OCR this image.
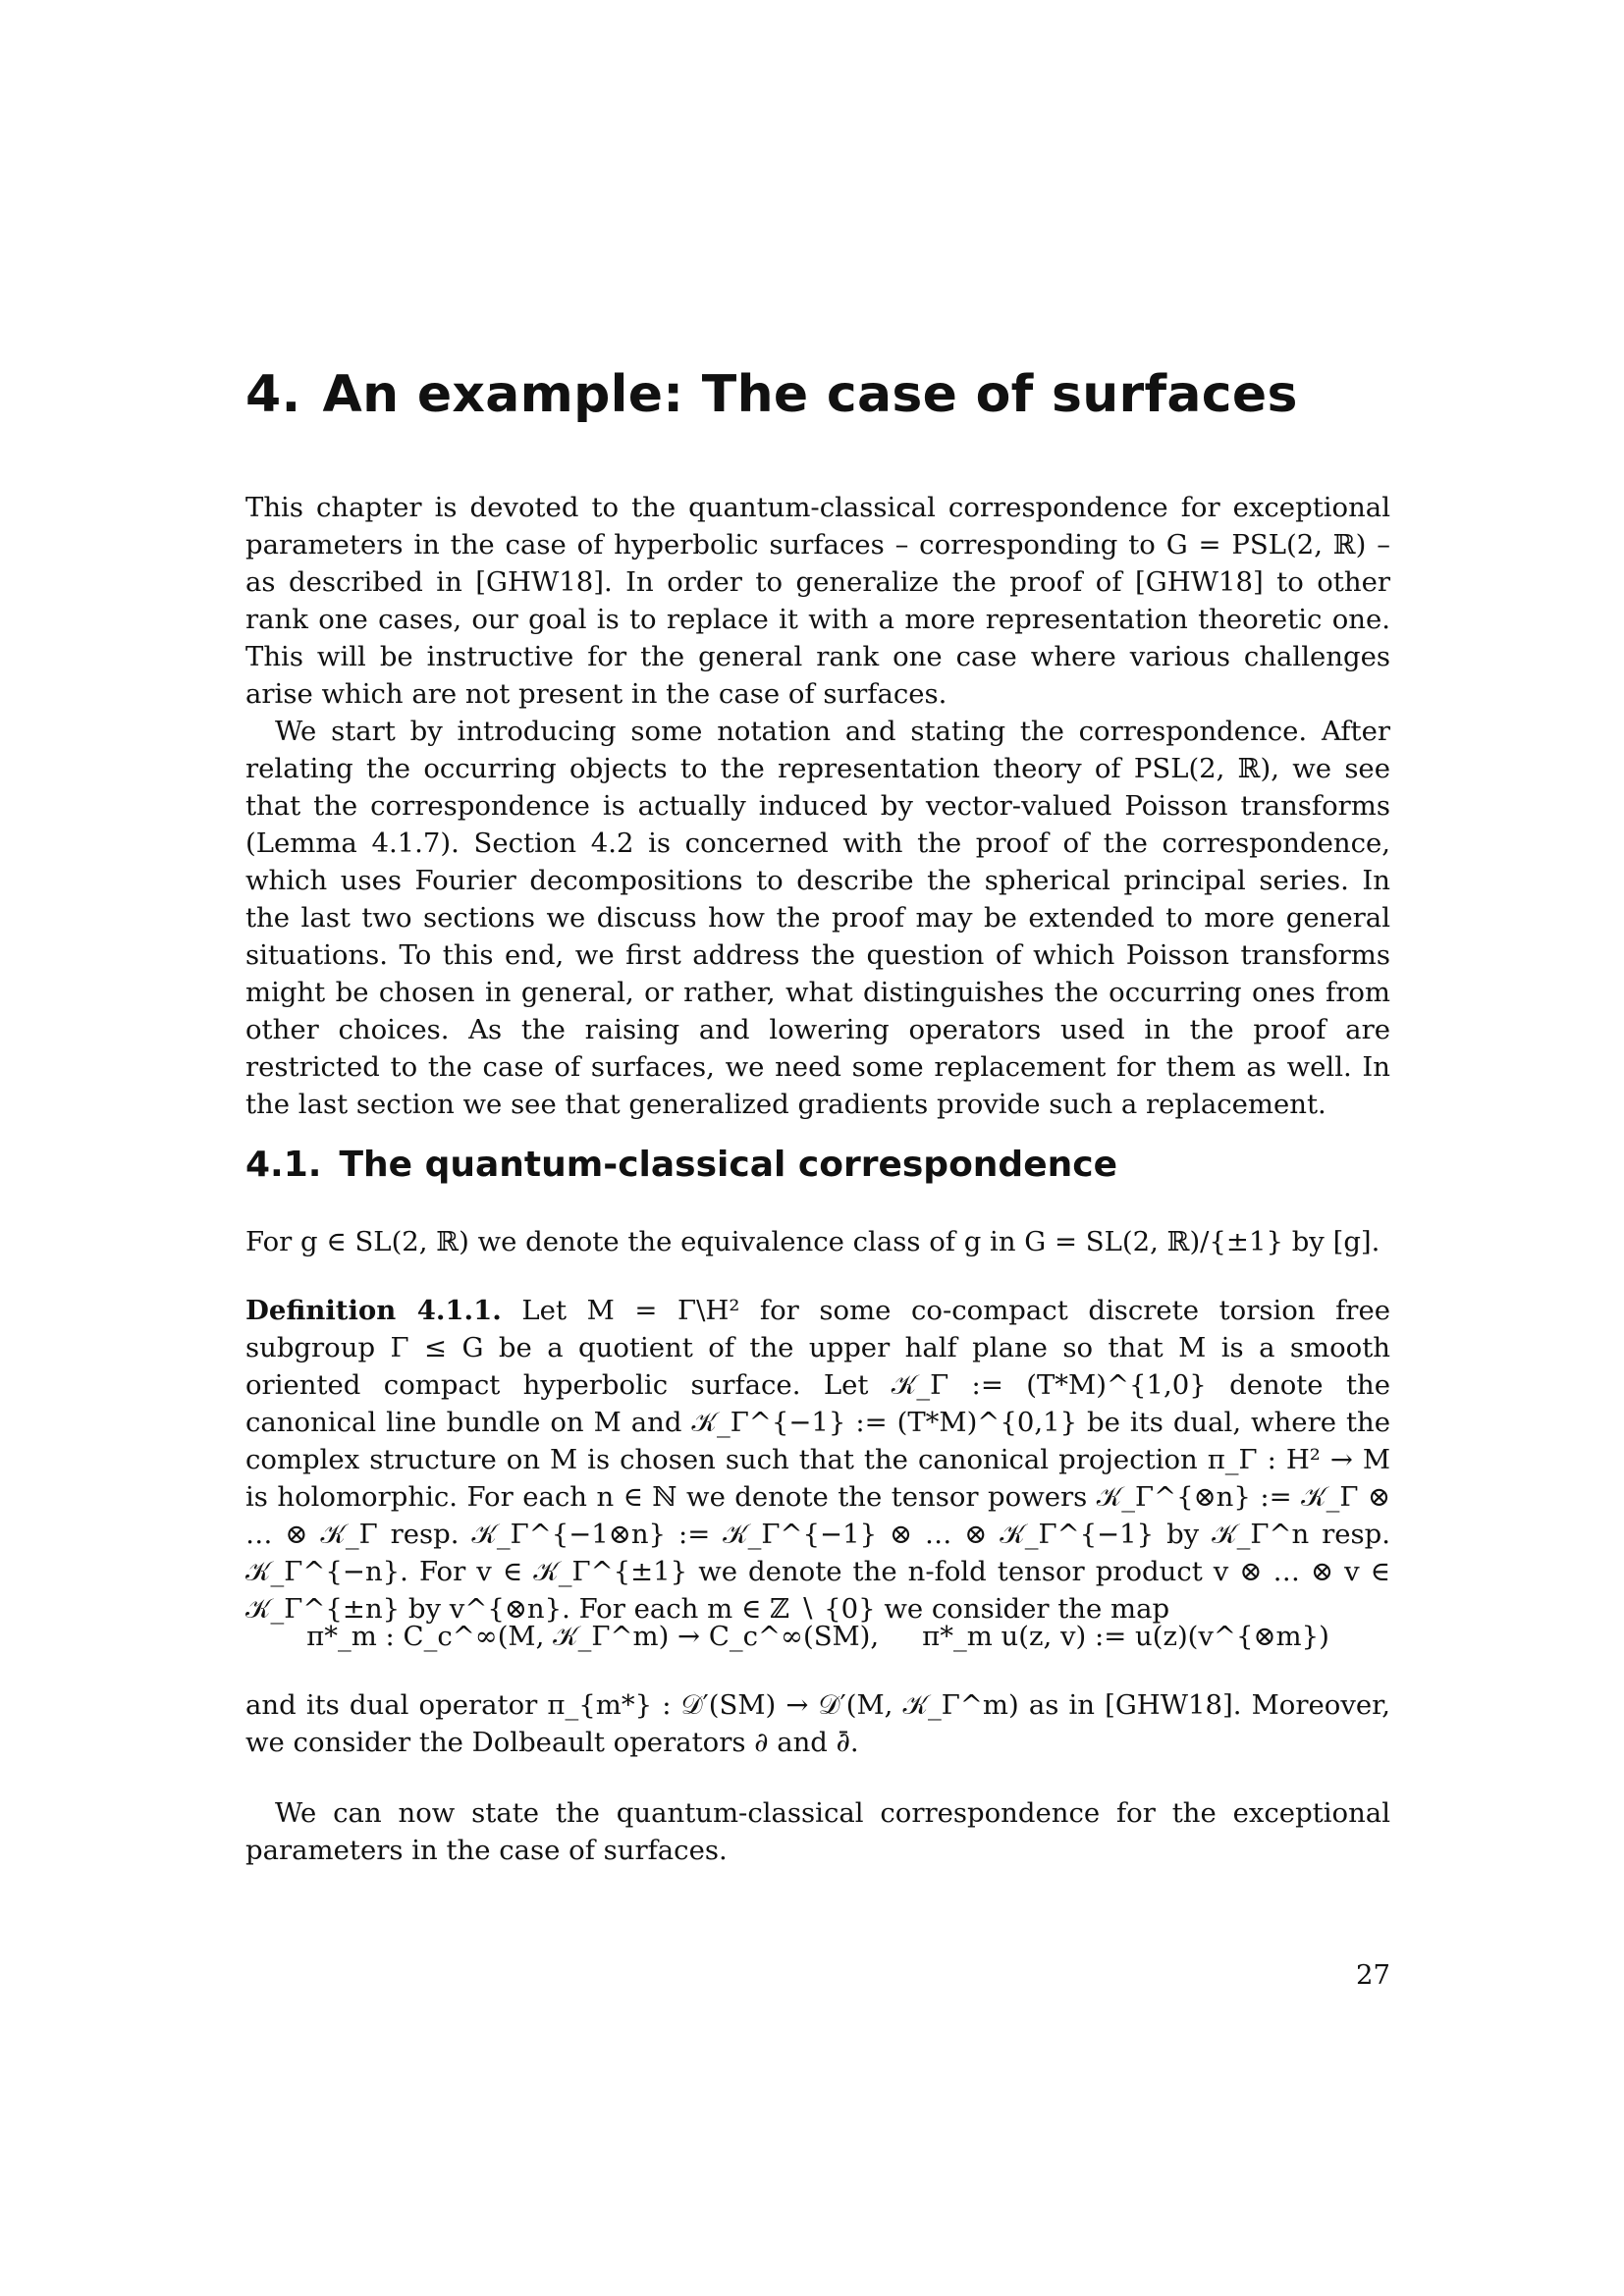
4. An example: The case of surfaces

This chapter is devoted to the quantum-classical correspondence for exceptional parameters in the case of hyperbolic surfaces – corresponding to G = PSL(2, ℝ) – as described in [GHW18]. In order to generalize the proof of [GHW18] to other rank one cases, our goal is to replace it with a more representation theoretic one. This will be instructive for the general rank one case where various challenges arise which are not present in the case of surfaces.

We start by introducing some notation and stating the correspondence. After relating the occurring objects to the representation theory of PSL(2, ℝ), we see that the correspondence is actually induced by vector-valued Poisson transforms (Lemma 4.1.7). Section 4.2 is concerned with the proof of the correspondence, which uses Fourier decompositions to describe the spherical principal series. In the last two sections we discuss how the proof may be extended to more general situations. To this end, we first address the question of which Poisson transforms might be chosen in general, or rather, what distinguishes the occurring ones from other choices. As the raising and lowering operators used in the proof are restricted to the case of surfaces, we need some replacement for them as well. In the last section we see that generalized gradients provide such a replacement.

4.1. The quantum-classical correspondence

For g ∈ SL(2, ℝ) we denote the equivalence class of g in G = SL(2, ℝ)/{±1} by [g].

Definition 4.1.1. Let M = Γ\H² for some co-compact discrete torsion free subgroup Γ ≤ G be a quotient of the upper half plane so that M is a smooth oriented compact hyperbolic surface. Let 𝒦_Γ := (T*M)^{1,0} denote the canonical line bundle on M and 𝒦_Γ^{−1} := (T*M)^{0,1} be its dual, where the complex structure on M is chosen such that the canonical projection π_Γ : H² → M is holomorphic. For each n ∈ ℕ we denote the tensor powers 𝒦_Γ^{⊗n} := 𝒦_Γ ⊗ … ⊗ 𝒦_Γ resp. 𝒦_Γ^{−1⊗n} := 𝒦_Γ^{−1} ⊗ … ⊗ 𝒦_Γ^{−1} by 𝒦_Γ^n resp. 𝒦_Γ^{−n}. For v ∈ 𝒦_Γ^{±1} we denote the n-fold tensor product v ⊗ … ⊗ v ∈ 𝒦_Γ^{±n} by v^{⊗n}. For each m ∈ ℤ ∖ {0} we consider the map

π*_m : C_c^∞(M, 𝒦_Γ^m) → C_c^∞(SM), π*_m u(z, v) := u(z)(v^{⊗m})

and its dual operator π_{m*} : 𝒟′(SM) → 𝒟′(M, 𝒦_Γ^m) as in [GHW18]. Moreover, we consider the Dolbeault operators ∂ and ∂̄.

We can now state the quantum-classical correspondence for the exceptional parameters in the case of surfaces.

27
